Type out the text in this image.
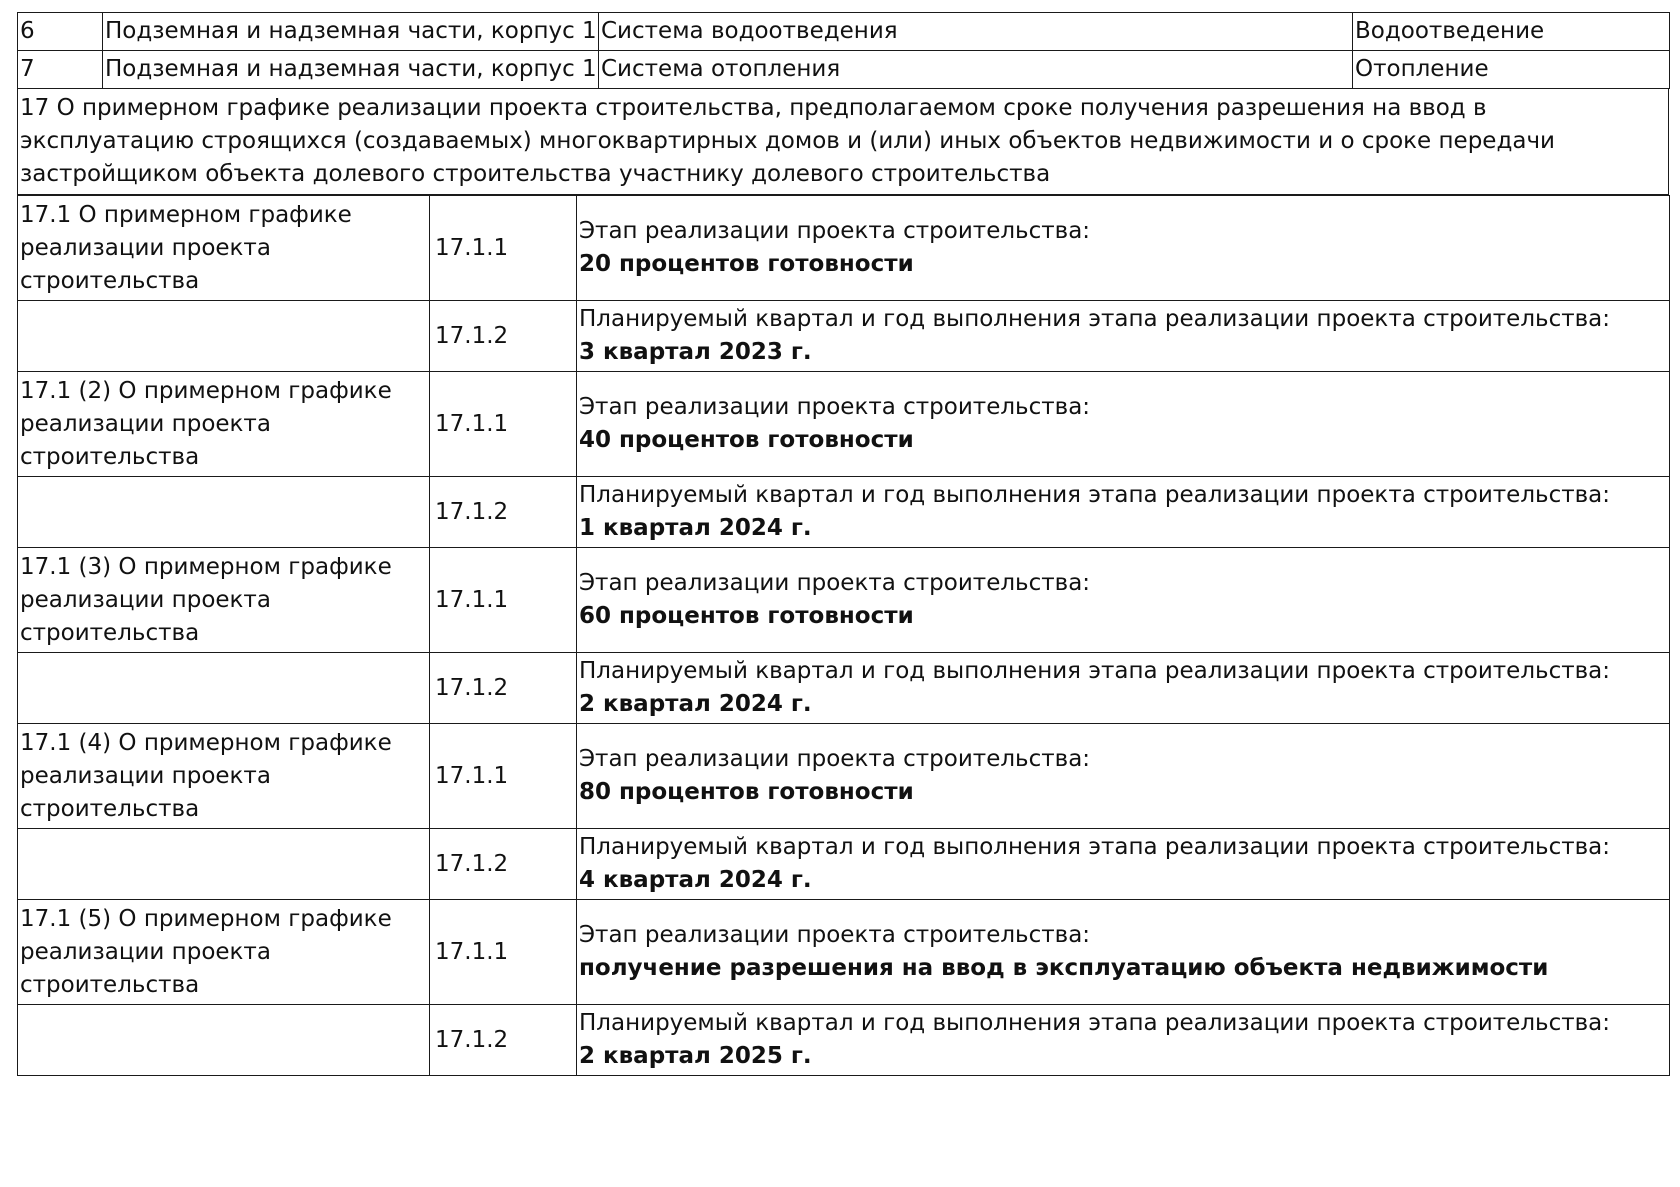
6	Подземная и надземная части, корпус 1	Система водоотведения	Водоотведение
7	Подземная и надземная части, корпус 1	Система отопления	Отопление
17 О примерном графике реализации проекта строительства, предполагаемом сроке получения разрешения на ввод в эксплуатацию строящихся (создаваемых) многоквартирных домов и (или) иных объектов недвижимости и о сроке передачи застройщиком объекта долевого строительства участнику долевого строительства
17.1 О примерном графике реализации проекта строительства	17.1.1	Этап реализации проекта строительства:
20 процентов готовности

	17.1.2	Планируемый квартал и год выполнения этапа реализации проекта строительства:
3 квартал 2023 г.

17.1 (2) О примерном графике реализации проекта строительства	17.1.1	Этап реализации проекта строительства:
40 процентов готовности

	17.1.2	Планируемый квартал и год выполнения этапа реализации проекта строительства:
1 квартал 2024 г.

17.1 (3) О примерном графике реализации проекта строительства	17.1.1	Этап реализации проекта строительства:
60 процентов готовности

	17.1.2	Планируемый квартал и год выполнения этапа реализации проекта строительства:
2 квартал 2024 г.

17.1 (4) О примерном графике реализации проекта строительства	17.1.1	Этап реализации проекта строительства:
80 процентов готовности

	17.1.2	Планируемый квартал и год выполнения этапа реализации проекта строительства:
4 квартал 2024 г.

17.1 (5) О примерном графике реализации проекта строительства	17.1.1	Этап реализации проекта строительства:
получение разрешения на ввод в эксплуатацию объекта недвижимости

	17.1.2	Планируемый квартал и год выполнения этапа реализации проекта строительства:
2 квартал 2025 г.
